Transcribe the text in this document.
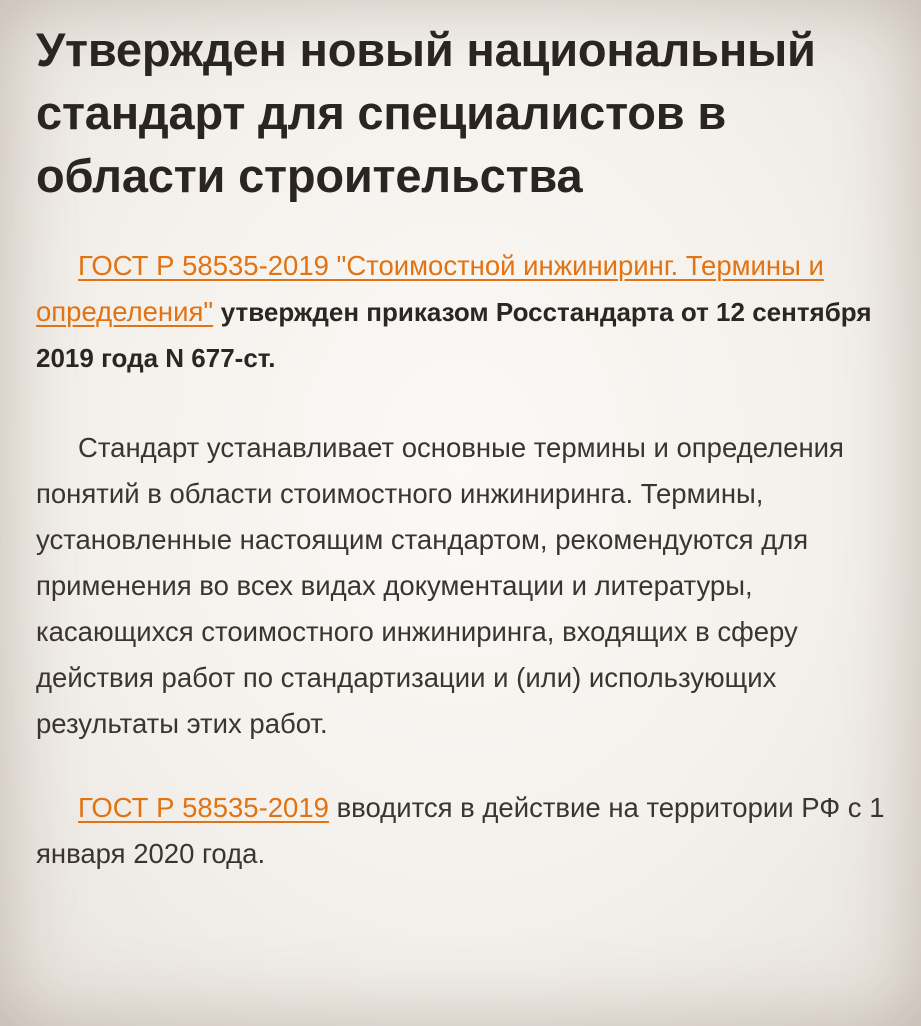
Утвержден новый национальный стандарт для специалистов в области строительства

ГОСТ Р 58535-2019 "Стоимостной инжиниринг. Термины и определения" утвержден приказом Росстандарта от 12 сентября 2019 года N 677-ст.

Стандарт устанавливает основные термины и определения понятий в области стоимостного инжиниринга. Термины, установленные настоящим стандартом, рекомендуются для применения во всех видах документации и литературы, касающихся стоимостного инжиниринга, входящих в сферу действия работ по стандартизации и (или) использующих результаты этих работ.

ГОСТ Р 58535-2019 вводится в действие на территории РФ с 1 января 2020 года.
